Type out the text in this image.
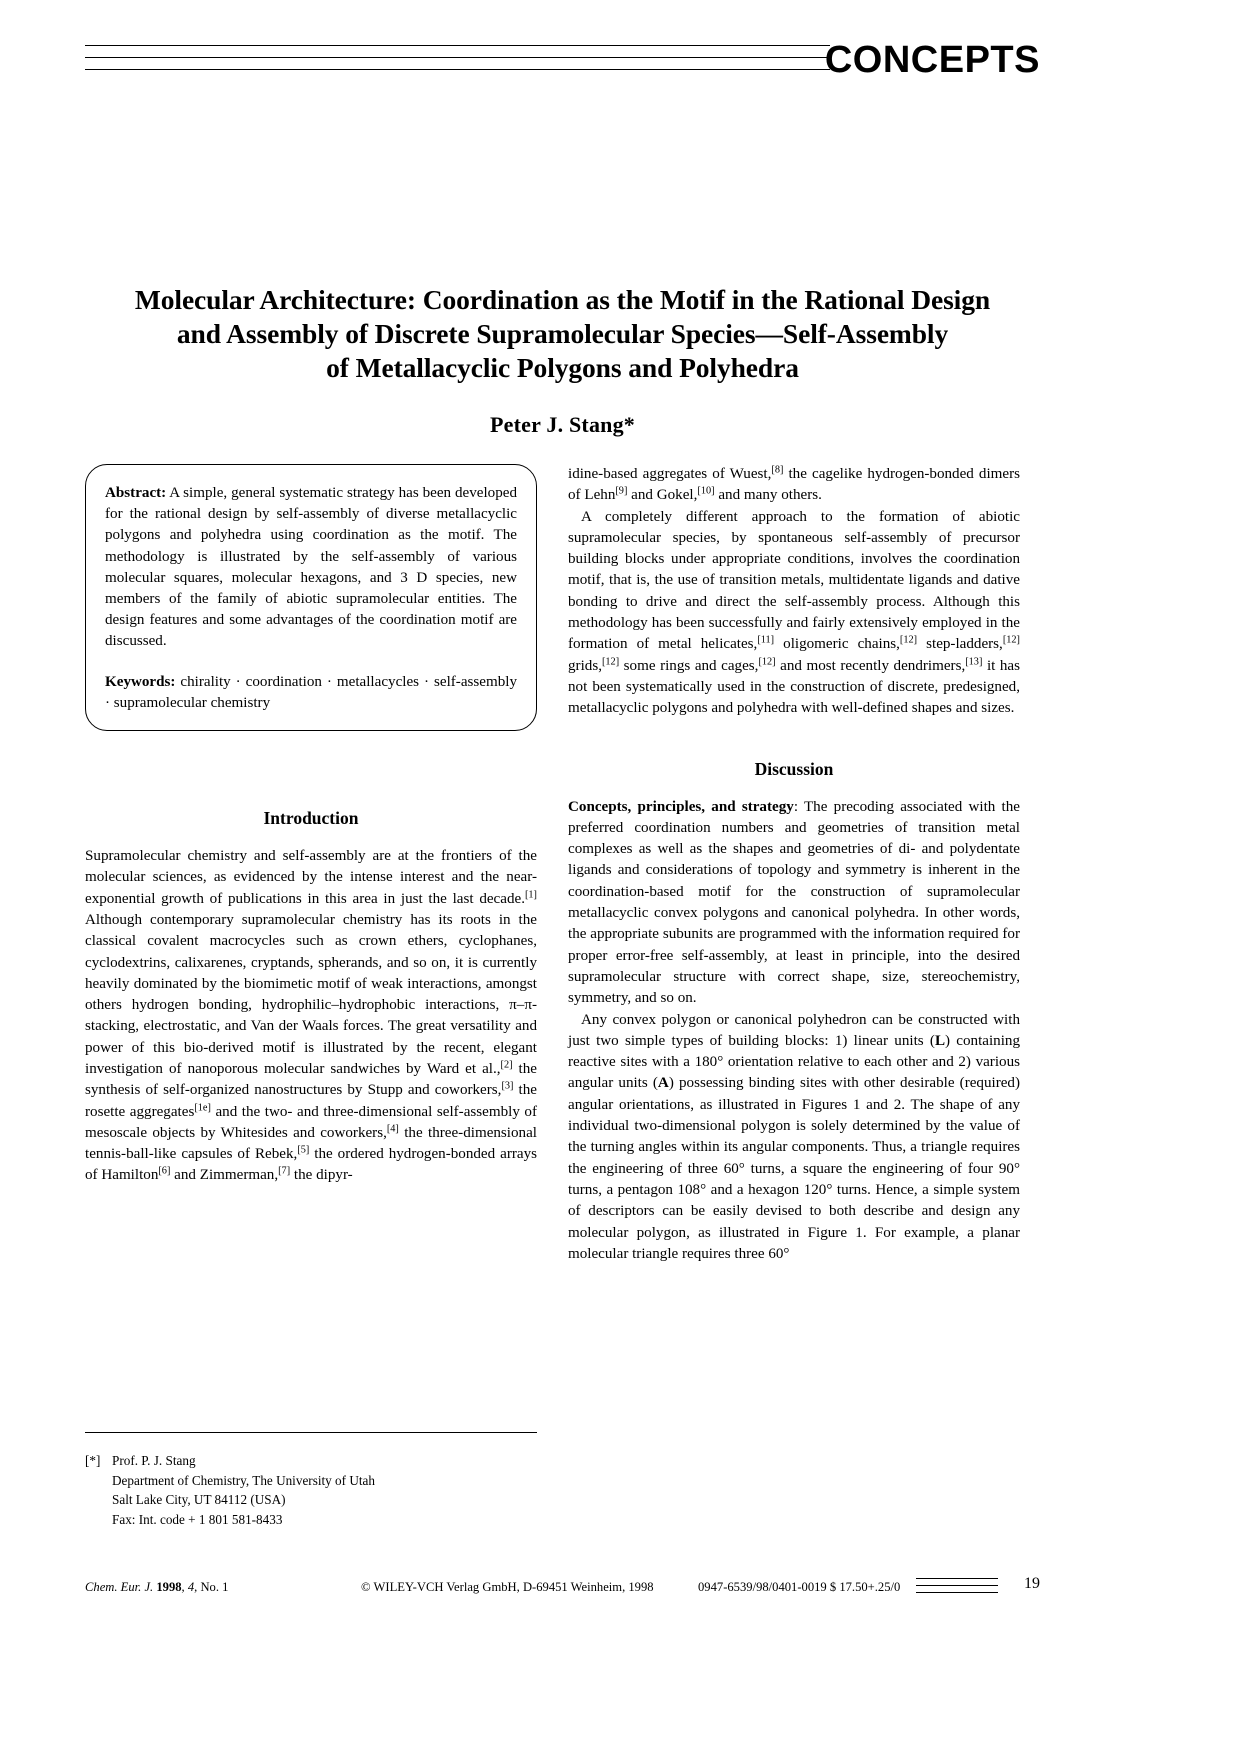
CONCEPTS
Molecular Architecture: Coordination as the Motif in the Rational Design
and Assembly of Discrete Supramolecular Species—Self-Assembly
of Metallacyclic Polygons and Polyhedra
Peter J. Stang*

Abstract: A simple, general systematic strategy has been developed for the rational design by self-assembly of diverse metallacyclic polygons and polyhedra using coordination as the motif. The methodology is illustrated by the self-assembly of various molecular squares, molecular hexagons, and 3 D species, new members of the family of abiotic supramolecular entities. The design features and some advantages of the coordination motif are discussed.

Keywords: chirality · coordination · metallacycles · self-assembly · supramolecular chemistry

Introduction

Supramolecular chemistry and self-assembly are at the frontiers of the molecular sciences, as evidenced by the intense interest and the near-exponential growth of publications in this area in just the last decade.[1] Although contemporary supramolecular chemistry has its roots in the classical covalent macrocycles such as crown ethers, cyclophanes, cyclodextrins, calixarenes, cryptands, spherands, and so on, it is currently heavily dominated by the biomimetic motif of weak interactions, amongst others hydrogen bonding, hydrophilic–hydrophobic interactions, π–π-stacking, electrostatic, and Van der Waals forces. The great versatility and power of this bio-derived motif is illustrated by the recent, elegant investigation of nanoporous molecular sandwiches by Ward et al.,[2] the synthesis of self-organized nanostructures by Stupp and coworkers,[3] the rosette aggregates[1e] and the two- and three-dimensional self-assembly of mesoscale objects by Whitesides and coworkers,[4] the three-dimensional tennis-ball-like capsules of Rebek,[5] the ordered hydrogen-bonded arrays of Hamilton[6] and Zimmerman,[7] the dipyr-

idine-based aggregates of Wuest,[8] the cagelike hydrogen-bonded dimers of Lehn[9] and Gokel,[10] and many others.

A completely different approach to the formation of abiotic supramolecular species, by spontaneous self-assembly of precursor building blocks under appropriate conditions, involves the coordination motif, that is, the use of transition metals, multidentate ligands and dative bonding to drive and direct the self-assembly process. Although this methodology has been successfully and fairly extensively employed in the formation of metal helicates,[11] oligomeric chains,[12] step-ladders,[12] grids,[12] some rings and cages,[12] and most recently dendrimers,[13] it has not been systematically used in the construction of discrete, predesigned, metallacyclic polygons and polyhedra with well-defined shapes and sizes.

Discussion

Concepts, principles, and strategy: The precoding associated with the preferred coordination numbers and geometries of transition metal complexes as well as the shapes and geometries of di- and polydentate ligands and considerations of topology and symmetry is inherent in the coordination-based motif for the construction of supramolecular metallacyclic convex polygons and canonical polyhedra. In other words, the appropriate subunits are programmed with the information required for proper error-free self-assembly, at least in principle, into the desired supramolecular structure with correct shape, size, stereochemistry, symmetry, and so on.

Any convex polygon or canonical polyhedron can be constructed with just two simple types of building blocks: 1) linear units (L) containing reactive sites with a 180° orientation relative to each other and 2) various angular units (A) possessing binding sites with other desirable (required) angular orientations, as illustrated in Figures 1 and 2. The shape of any individual two-dimensional polygon is solely determined by the value of the turning angles within its angular components. Thus, a triangle requires the engineering of three 60° turns, a square the engineering of four 90° turns, a pentagon 108° and a hexagon 120° turns. Hence, a simple system of descriptors can be easily devised to both describe and design any molecular polygon, as illustrated in Figure 1. For example, a planar molecular triangle requires three 60°

[*] Prof. P. J. Stang
Department of Chemistry, The University of Utah
Salt Lake City, UT 84112 (USA)
Fax: Int. code + 1 801 581-8433
Chem. Eur. J. 1998, 4, No. 1	© WILEY-VCH Verlag GmbH, D-69451 Weinheim, 1998	0947-6539/98/0401-0019 $ 17.50+.25/0	19
